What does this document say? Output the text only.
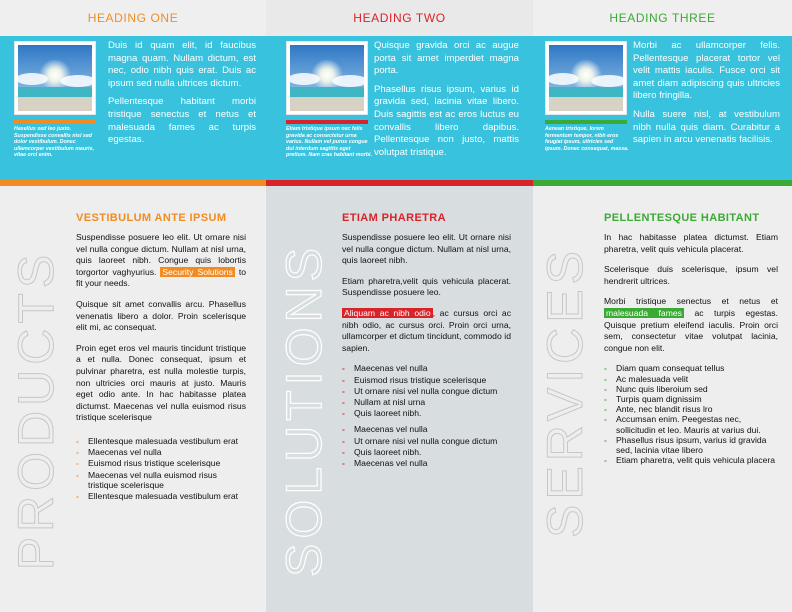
HEADING ONE
Hasellus sed leo justo. Suspendisse convallis nisl sed dolor vestibulum. Donec ullamcorper vestibulum mauris, vitae orci enim.

Duis id quam elit, id faucibus magna quam. Nullam dictum, est nec, odio nibh quis erat. Duis ac ipsum sed nulla ultrices dictum.

Pellentesque habitant morbi tristique senectus et netus et malesuada fames ac turpis egestas.

PRODUCTS
VESTIBULUM ANTE IPSUM

Suspendisse posuere leo elit. Ut ornare nisi vel nulla congue dictum. Nullam at nisl urna, quis laoreet nibh. Congue quis lobortis torgortor vaghyurius. Security Solutions to fit your needs.

Quisque sit amet convallis arcu. Phasellus venenatis libero a dolor. Proin scelerisque elit mi, ac consequat.

Proin eget eros vel mauris tincidunt tristique a et nulla. Donec consequat, ipsum et pulvinar pharetra, est nulla molestie turpis, non ultricies orci mauris at justo. Mauris eget odio ante. In hac habitasse platea dictumst. Maecenas vel nulla euismod risus tristique scelerisque

- Ellentesque malesuada vestibulum erat
- Maecenas vel nulla
- Euismod risus tristique scelerisque
- Maecenas vel nulla euismod risus tristique scelerisque
- Ellentesque malesuada vestibulum erat
HEADING TWO
Etiam tristique ipsum nec felis gravida ac consectetur urna varius. Nullam vel purus congue dui interdum sagittis eget pretium. Nam cras habitant morbi.

Quisque gravida orci ac augue porta sit amet imperdiet magna porta.

Phasellus risus ipsum, varius id gravida sed, lacinia vitae libero. Duis sagittis est ac eros luctus eu convallis libero dapibus. Pellentesque non justo, mattis volutpat tristique.

SOLUTIONS
ETIAM PHARETRA

Suspendisse posuere leo elit. Ut ornare nisi vel nulla congue dictum. Nullam at nisl urna, quis laoreet nibh.

Etiam pharetra,velit quis vehicula placerat. Suspendisse posuere leo.

Aliquam ac nibh odio , ac cursus orci ac nibh odio, ac cursus orci. Proin orci urna, ullamcorper et dictum tincidunt, commodo id sapien.

- Maecenas vel nulla
- Euismod risus tristique scelerisque
- Ut ornare nisi vel nulla congue dictum
- Nullam at nisl urna
- Quis laoreet nibh.
- Maecenas vel nulla
- Ut ornare nisi vel nulla congue dictum
- Quis laoreet nibh.
- Maecenas vel nulla
HEADING THREE
Aenean tristique, lorem fermentum tempor, nibh eros feugiat ipsum, ultricies sed ipsum. Donec consequat, massa.

Morbi ac ullamcorper felis. Pellentesque placerat tortor vel velit mattis iaculis. Fusce orci sit amet diam adipiscing quis ultricies libero fringilla.

Nulla suere nisl, at vestibulum nibh nulla quis diam. Curabitur a sapien in arcu venenatis facilisis.

SERVICES
PELLENTESQUE HABITANT

In hac habitasse platea dictumst. Etiam pharetra, velit quis vehicula placerat.

Scelerisque duis scelerisque, ipsum vel hendrerit ultrices.

Morbi tristique senectus et netus et malesuada fames ac turpis egestas. Quisque pretium eleifend iaculis. Proin orci sem, consectetur vitae volutpat lacinia, congue non elit.

- Diam quam consequat tellus
- Ac malesuada velit
- Nunc quis liberoium sed
- Turpis quam dignissim
- Ante, nec blandit risus lro
- Accumsan enim. Peegestas nec, sollicitudin et leo. Mauris at varius dui.
- Phasellus risus ipsum, varius id gravida sed, lacinia vitae libero
- Etiam pharetra, velit quis vehicula placera
